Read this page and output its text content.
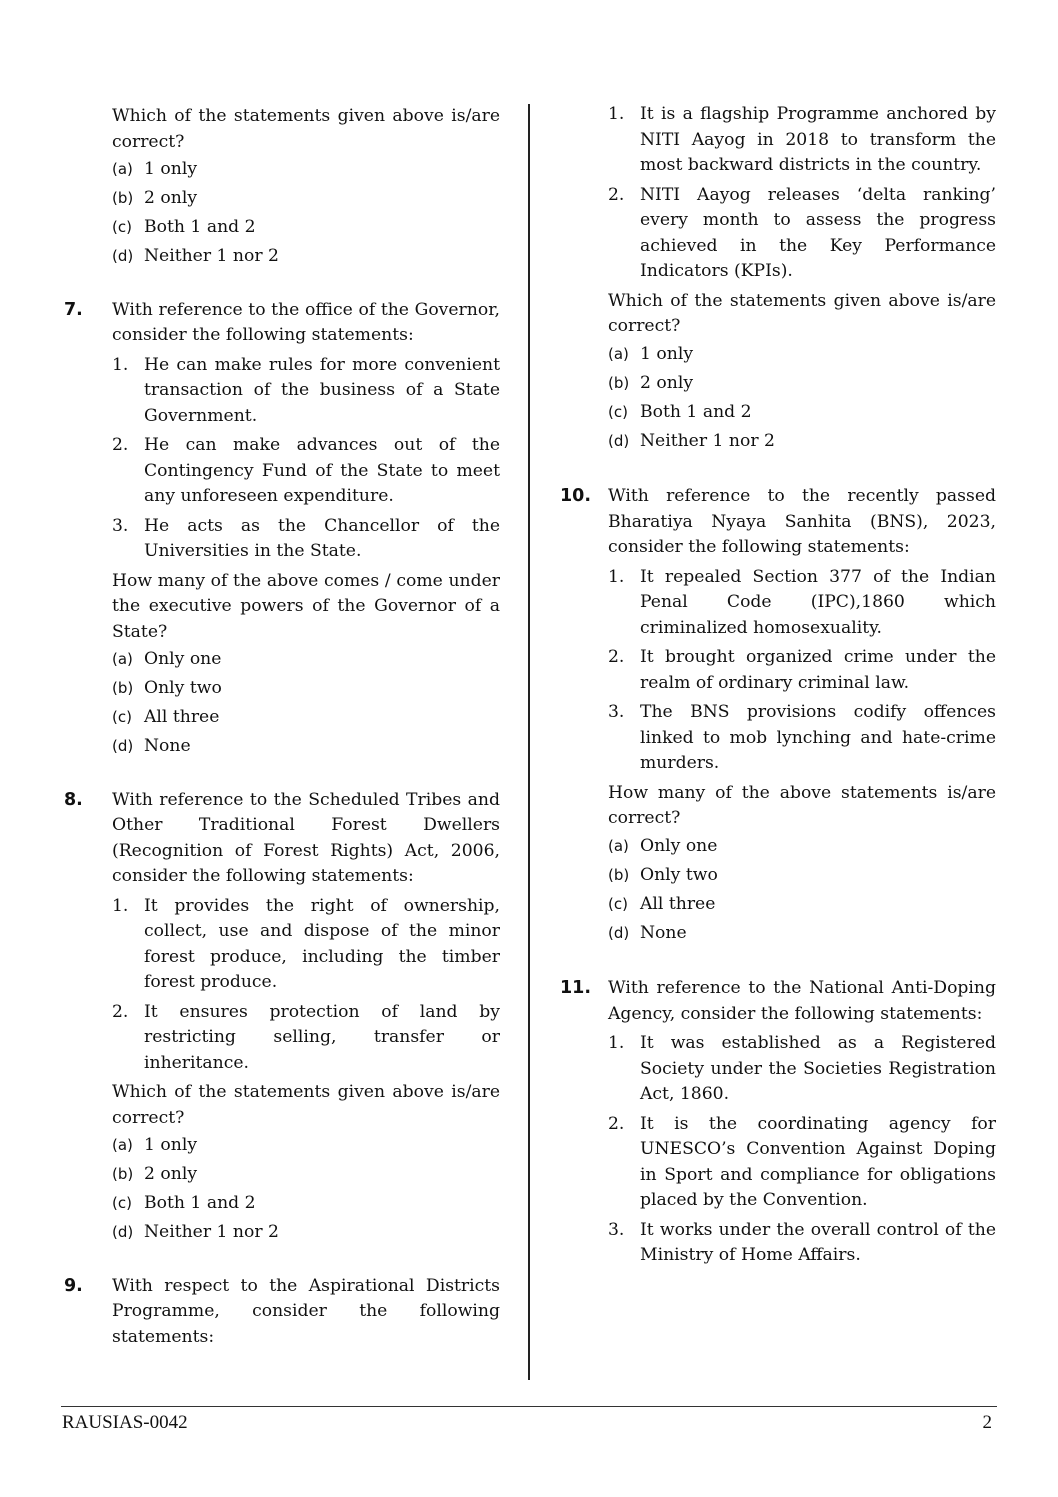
Which of the statements given above is/are correct?

(a) 1 only
(b) 2 only
(c) Both 1 and 2
(d) Neither 1 nor 2
7. With reference to the office of the Governor, consider the following statements:

1. He can make rules for more convenient transaction of the business of a State Government.
2. He can make advances out of the Contingency Fund of the State to meet any unforeseen expenditure.
3. He acts as the Chancellor of the Universities in the State.

How many of the above comes / come under the executive powers of the Governor of a State?

(a) Only one
(b) Only two
(c) All three
(d) None
8. With reference to the Scheduled Tribes and Other Traditional Forest Dwellers (Recognition of Forest Rights) Act, 2006, consider the following statements:

1. It provides the right of ownership, collect, use and dispose of the minor forest produce, including the timber forest produce.
2. It ensures protection of land by restricting selling, transfer or inheritance.

Which of the statements given above is/are correct?

(a) 1 only
(b) 2 only
(c) Both 1 and 2
(d) Neither 1 nor 2
9. With respect to the Aspirational Districts Programme, consider the following statements:

1. It is a flagship Programme anchored by NITI Aayog in 2018 to transform the most backward districts in the country.
2. NITI Aayog releases ‘delta ranking’ every month to assess the progress achieved in the Key Performance Indicators (KPIs).

Which of the statements given above is/are correct?

(a) 1 only
(b) 2 only
(c) Both 1 and 2
(d) Neither 1 nor 2
10. With reference to the recently passed Bharatiya Nyaya Sanhita (BNS), 2023, consider the following statements:

1. It repealed Section 377 of the Indian Penal Code (IPC),1860 which criminalized homosexuality.
2. It brought organized crime under the realm of ordinary criminal law.
3. The BNS provisions codify offences linked to mob lynching and hate-crime murders.

How many of the above statements is/are correct?

(a) Only one
(b) Only two
(c) All three
(d) None
11. With reference to the National Anti-Doping Agency, consider the following statements:

1. It was established as a Registered Society under the Societies Registration Act, 1860.
2. It is the coordinating agency for UNESCO’s Convention Against Doping in Sport and compliance for obligations placed by the Convention.
3. It works under the overall control of the Ministry of Home Affairs.
RAUSIAS-0042	2
